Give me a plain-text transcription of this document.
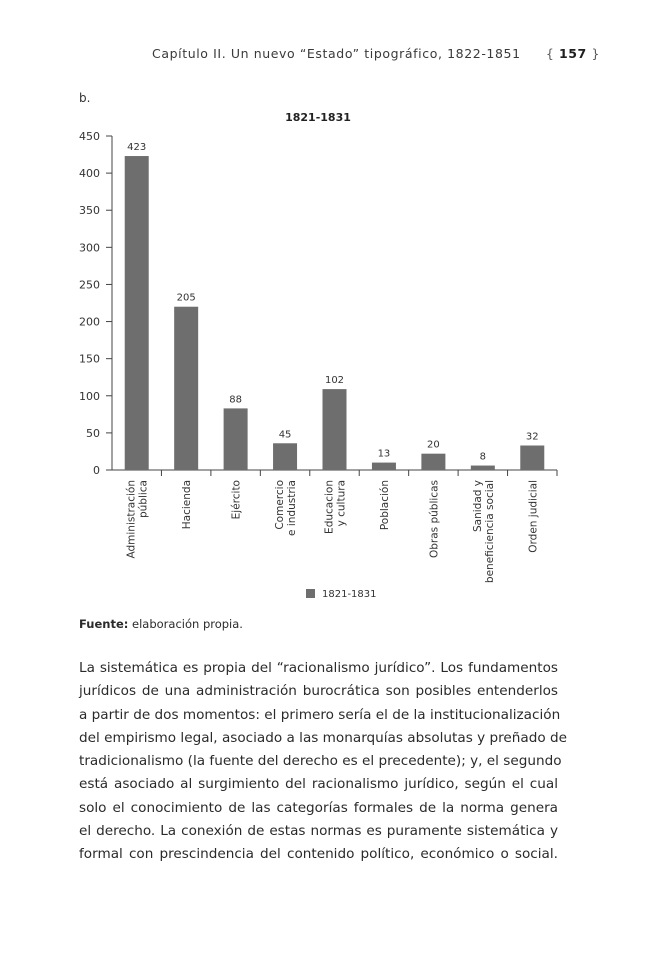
Capítulo II. Un nuevo “Estado” tipográfico, 1822-1851 { 157 }
b.
1821-1831
0
50
100
150
200
250
300
350
400
450
423
205
88
45
102
13
20
8
32
Administración pública	Hacienda	Ejército	Comercio e industria Educacion y cultura	Población	Obras públicas	Sanidad y beneficiencia social	Orden judicial
1821-1831
Fuente: elaboración propia.
La sistemática es propia del “racionalismo jurídico”. Los fundamentos
jurídicos de una administración burocrática son posibles entenderlos
a partir de dos momentos: el primero sería el de la institucionalización
del empirismo legal, asociado a las monarquías absolutas y preñado de
tradicionalismo (la fuente del derecho es el precedente); y, el segundo
está asociado al surgimiento del racionalismo jurídico, según el cual
solo el conocimiento de las categorías formales de la norma genera
el derecho. La conexión de estas normas es puramente sistemática y
formal con prescindencia del contenido político, económico o social.
